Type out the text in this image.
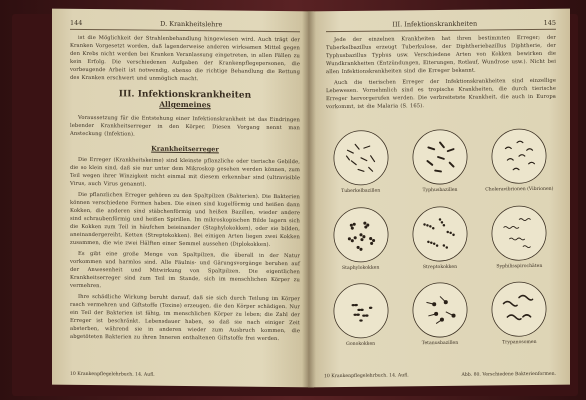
144	D. Krankheitslehre

ist die Möglichkeit der Strahlenbehandlung hingewiesen wird. Auch trägt der Kranken Vorgesetzt worden, daß lagenderweise anderen wirksamen Mittel gegen den Krebs nicht werden bei Kranken Veranlassung eingetreten, in allen Fällen zu kein Erfolg. Die verschiedenen Aufgaben der Krankenpflegepersonen, die vorbeugende Arbeit ist notwendig, ebenso die richtige Behandlung die Rettung des Kranken erschwert und unmöglich macht.

III. Infektionskrankheiten
Allgemeines

Voraussetzung für die Entstehung einer Infektionskrankheit ist das Eindringen lebender Krankheitserreger in den Körper. Diesen Vorgang nennt man Ansteckung (Infektion).

Krankheitserreger

Die Erreger (Krankheitskeime) sind kleinste pflanzliche oder tierische Gebilde, die so klein sind, daß sie nur unter dem Mikroskop gesehen werden können, zum Teil wegen ihrer Winzigkeit nicht einmal mit diesem erkennbar sind (ultravisible Virus, auch Virus genannt).

Die pflanzlichen Erreger gehören zu den Spaltpilzen (Bakterien). Die Bakterien können verschiedene Formen haben. Die einen sind kugelförmig und heißen dann Kokken, die anderen sind stäbchenförmig und heißen Bazillen, wieder andere sind schraubenförmig und heißen Spirillen. Im mikroskopischen Bilde lagern sich die Kokken zum Teil in häufchen beieinander (Staphylokokken), oder sie bilden, aneinandergereiht, Ketten (Streptokokken). Bei einigen Arten liegen zwei Kokken zusammen, die wie zwei Hälften einer Semmel aussehen (Diplokokken).

Es gibt eine große Menge von Spaltpilzen, die überall in der Natur vorkommen und harmlos sind. Alle Fäulnis- und Gärungsvorgänge beruhen auf der Anwesenheit und Mitwirkung von Spaltpilzen. Die eigentlichen Krankheitserreger sind zum Teil im Stande, sich im menschlichen Körper zu vermehren.

Ihre schädliche Wirkung beruht darauf, daß sie sich durch Teilung im Körper rasch vermehren und Giftstoffe (Toxine) erzeugen, die den Körper schädigen. Nur ein Teil der Bakterien ist fähig, im menschlichen Körper zu leben; die Zahl der Erreger ist beschränkt. Lebensdauer haben, so daß sie nach einiger Zeit absterben, während sie in anderen wieder zum Ausbruch kommen, die abgetöteten Bakterien zu ihren Inneren enthaltenen Giftstoffe frei werden.

10 Krankenpflegelehrbuch. 14. Aufl.
III. Infektionskrankheiten	145

Jede der einzelnen Krankheiten hat ihren bestimmten Erreger; der Tuberkelbazillus erzeugt Tuberkulose, der Diphtheriebazillus Diphtherie, der Typhusbazillus Typhus usw. Verschiedene Arten von Kokken bewirken die Wundkrankheiten (Entzündungen, Eiterungen, Rotlauf, Wundrose usw.). Nicht bei allen Infektionskrankheiten sind die Erreger bekannt.

Auch die tierischen Erreger der Infektionskrankheiten sind einzellige Lebewesen. Vornehmlich sind es tropische Krankheiten, die durch tierische Erreger hervorgerufen werden. Die verbreitetste Krankheit, die auch in Europa vorkommt, ist die Malaria (S. 165).

Tuberkelbazillen	Typhusbazillen	Choleravibrionen (Vibrionen)
Staphylokokken	Streptokokken	Syphilisspirochäten
Gonokokken	Tetanusbazillen	Trypanosomen
10 Krankenpflegelehrbuch. 14. Aufl.	Abb. 80. Verschiedene Bakterienformen.
